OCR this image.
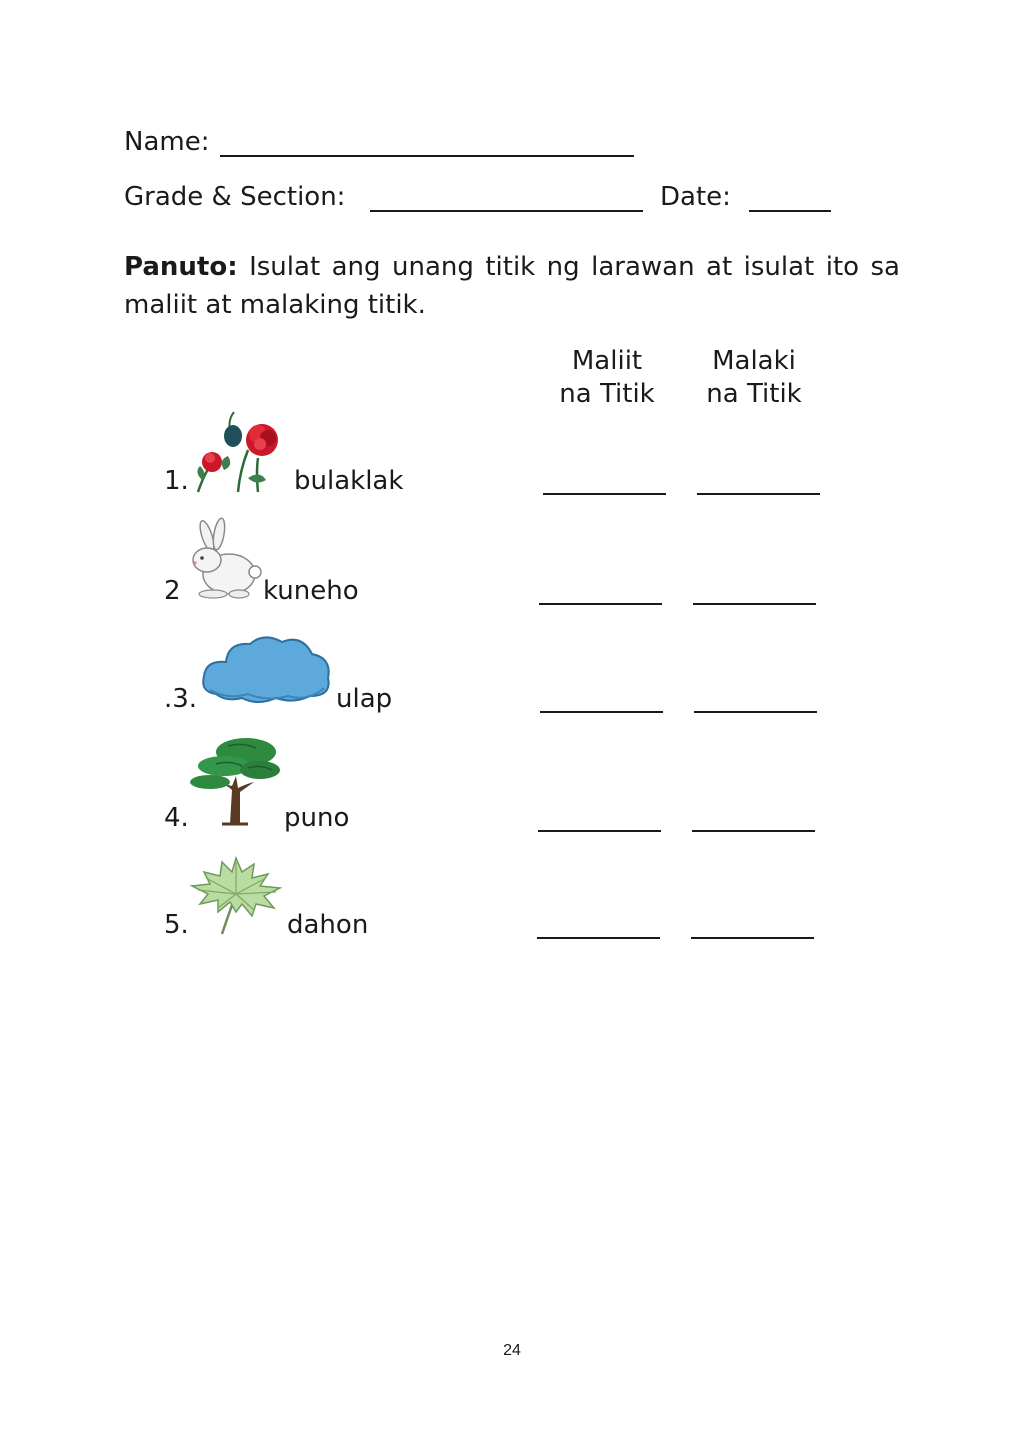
Name:
Grade & Section:	Date:
Panuto: Isulat ang unang titik ng larawan at isulat ito sa maliit at malaking titik.
Maliit
na Titik
Malaki
na Titik
1.	bulaklak
2	kuneho
.3.	ulap
4.	puno
5.	dahon
24
